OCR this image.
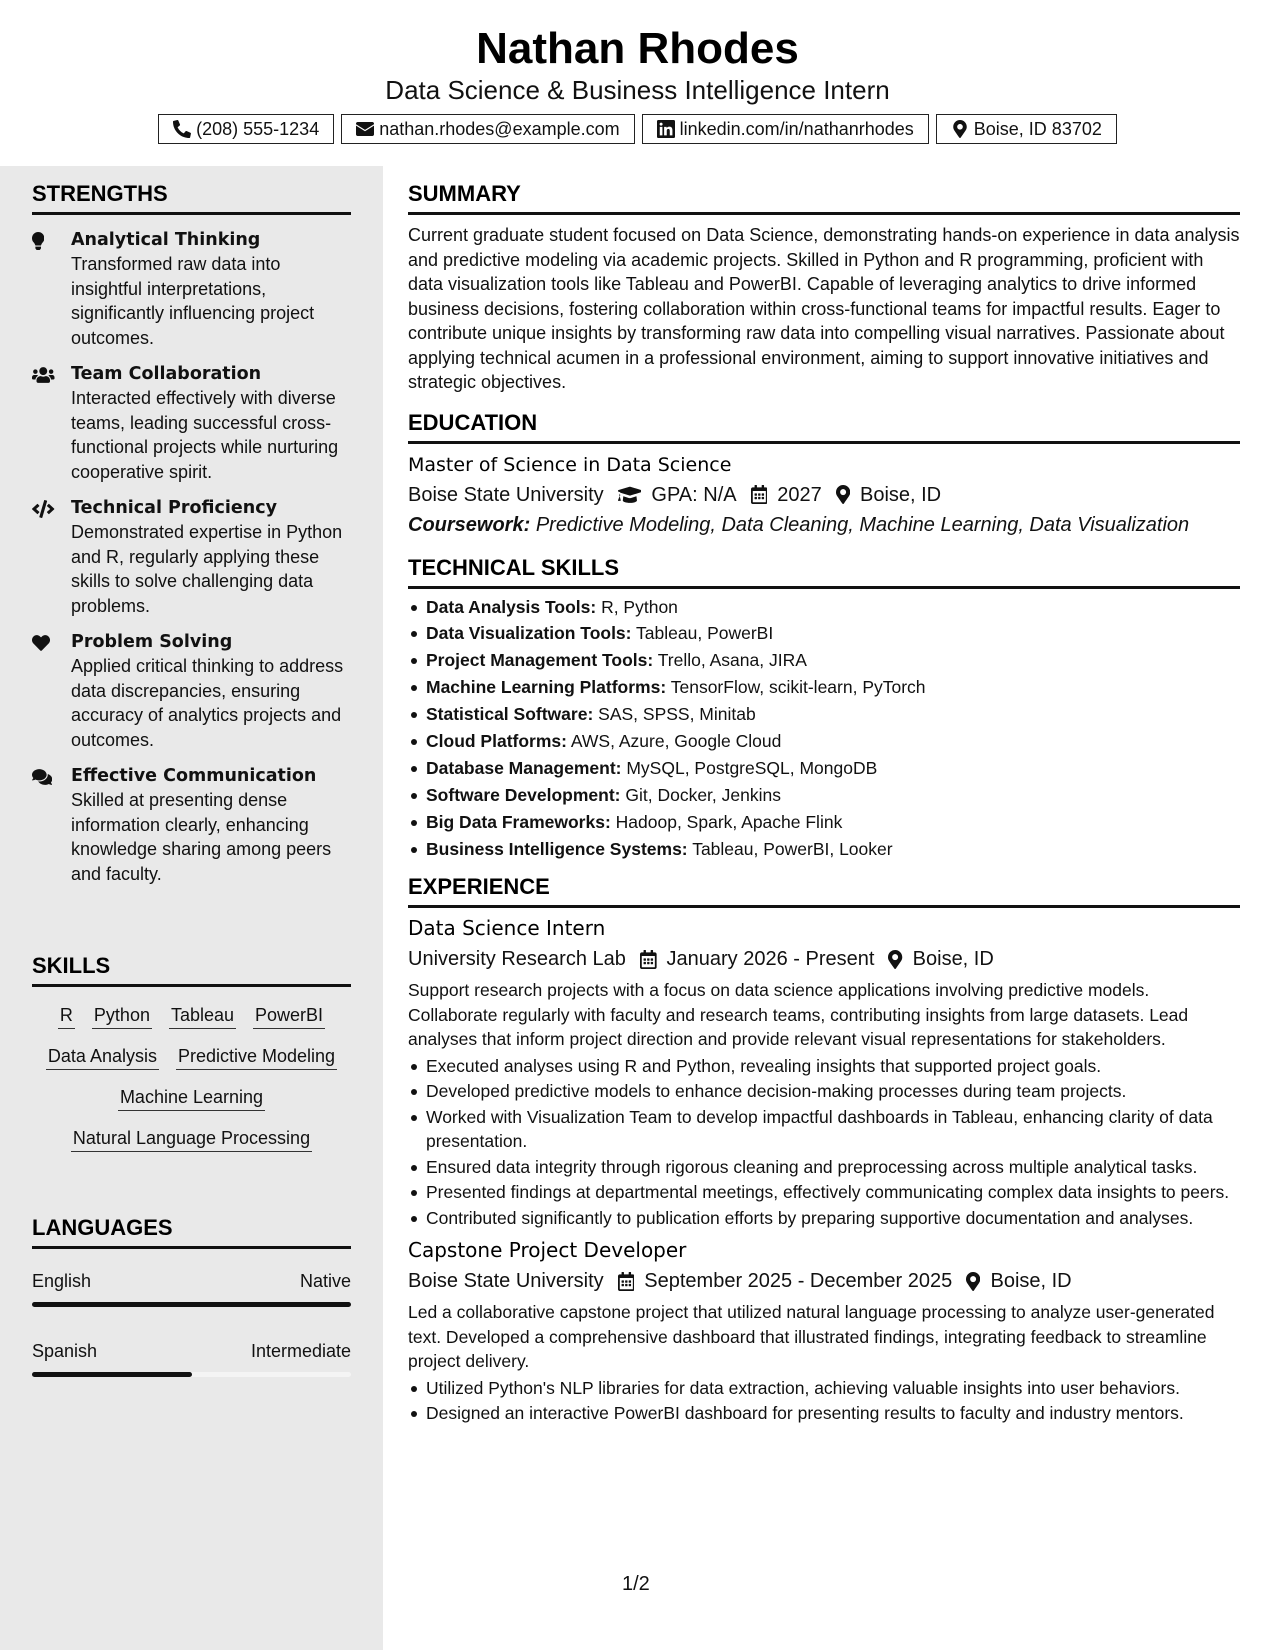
Nathan Rhodes
Data Science & Business Intelligence Intern
(208) 555-1234	nathan.rhodes@example.com	linkedin.com/in/nathanrhodes	Boise, ID 83702
STRENGTHS
Analytical Thinking
Transformed raw data into insightful interpretations, significantly influencing project outcomes.
Team Collaboration
Interacted effectively with diverse teams, leading successful cross-functional projects while nurturing cooperative spirit.
Technical Proficiency
Demonstrated expertise in Python and R, regularly applying these skills to solve challenging data problems.
Problem Solving
Applied critical thinking to address data discrepancies, ensuring accuracy of analytics projects and outcomes.
Effective Communication
Skilled at presenting dense information clearly, enhancing knowledge sharing among peers and faculty.
SKILLS
R Python Tableau PowerBI
Data Analysis Predictive Modeling
Machine Learning
Natural Language Processing
LANGUAGES
English	Native
Spanish	Intermediate
SUMMARY
Current graduate student focused on Data Science, demonstrating hands-on experience in data analysis and predictive modeling via academic projects. Skilled in Python and R programming, proficient with data visualization tools like Tableau and PowerBI. Capable of leveraging analytics to drive informed business decisions, fostering collaboration within cross-functional teams for impactful results. Eager to contribute unique insights by transforming raw data into compelling visual narratives. Passionate about applying technical acumen in a professional environment, aiming to support innovative initiatives and strategic objectives.
EDUCATION
Master of Science in Data Science
Boise State University GPA: N/A 2027 Boise, ID
Coursework: Predictive Modeling, Data Cleaning, Machine Learning, Data Visualization
TECHNICAL SKILLS
Data Analysis Tools: R, Python
Data Visualization Tools: Tableau, PowerBI
Project Management Tools: Trello, Asana, JIRA
Machine Learning Platforms: TensorFlow, scikit-learn, PyTorch
Statistical Software: SAS, SPSS, Minitab
Cloud Platforms: AWS, Azure, Google Cloud
Database Management: MySQL, PostgreSQL, MongoDB
Software Development: Git, Docker, Jenkins
Big Data Frameworks: Hadoop, Spark, Apache Flink
Business Intelligence Systems: Tableau, PowerBI, Looker
EXPERIENCE
Data Science Intern
University Research Lab January 2026 - Present Boise, ID
Support research projects with a focus on data science applications involving predictive models. Collaborate regularly with faculty and research teams, contributing insights from large datasets. Lead analyses that inform project direction and provide relevant visual representations for stakeholders.
Executed analyses using R and Python, revealing insights that supported project goals.
Developed predictive models to enhance decision-making processes during team projects.
Worked with Visualization Team to develop impactful dashboards in Tableau, enhancing clarity of data presentation.
Ensured data integrity through rigorous cleaning and preprocessing across multiple analytical tasks.
Presented findings at departmental meetings, effectively communicating complex data insights to peers.
Contributed significantly to publication efforts by preparing supportive documentation and analyses.
Capstone Project Developer
Boise State University September 2025 - December 2025 Boise, ID
Led a collaborative capstone project that utilized natural language processing to analyze user-generated text. Developed a comprehensive dashboard that illustrated findings, integrating feedback to streamline project delivery.
Utilized Python's NLP libraries for data extraction, achieving valuable insights into user behaviors.
Designed an interactive PowerBI dashboard for presenting results to faculty and industry mentors.
1/2
